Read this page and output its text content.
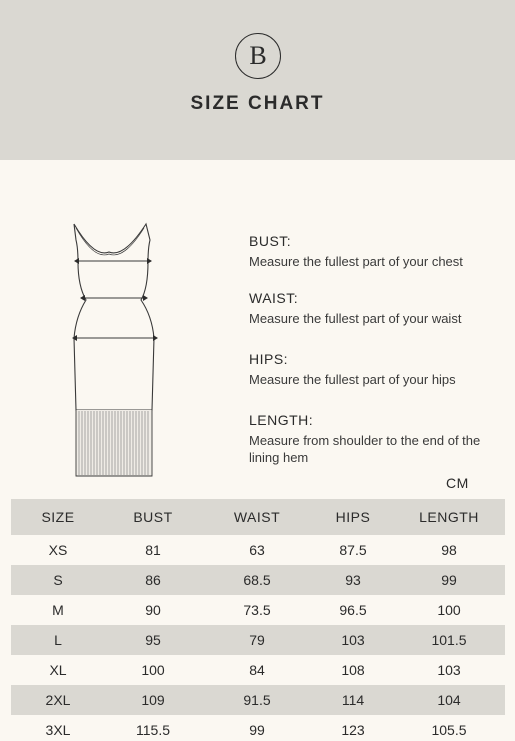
B
SIZE CHART
BUST:
Measure the fullest part of your chest
WAIST:
Measure the fullest part of your waist
HIPS:
Measure the fullest part of your hips
LENGTH:
Measure from shoulder to the end of the lining hem
CM
SIZE	BUST	WAIST	HIPS	LENGTH
XS	81	63	87.5	98
S	86	68.5	93	99
M	90	73.5	96.5	100
L	95	79	103	101.5
XL	100	84	108	103
2XL	109	91.5	114	104
3XL	115.5	99	123	105.5
